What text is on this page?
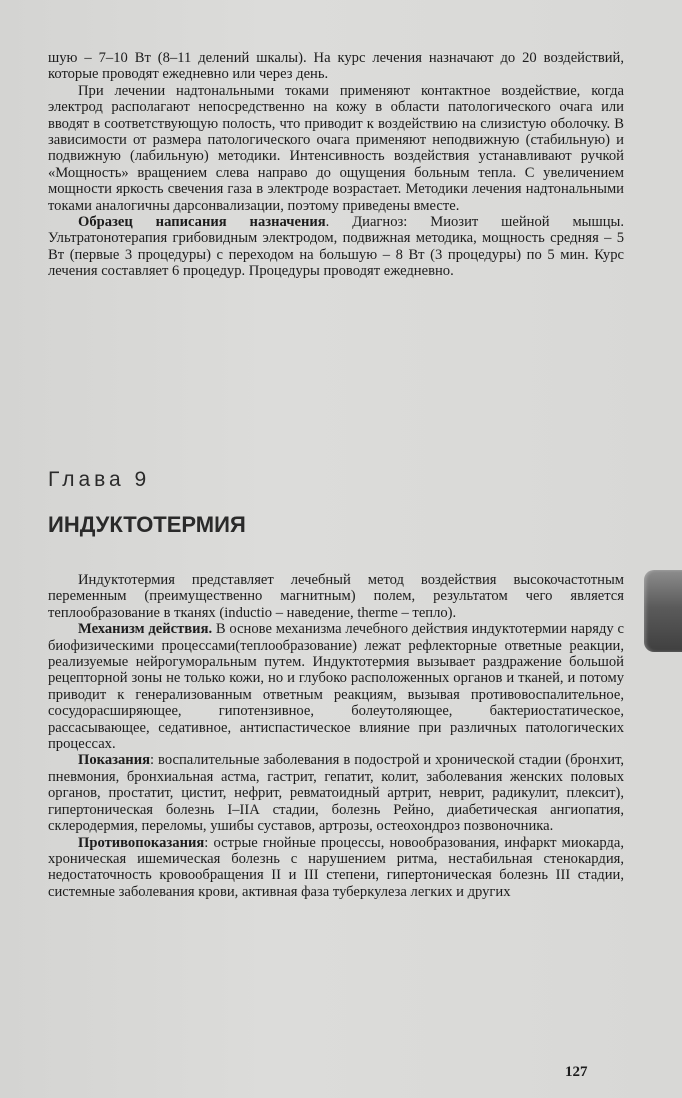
шую – 7–10 Вт (8–11 делений шкалы). На курс лечения назначают до 20 воздействий, которые проводят ежедневно или через день.

При лечении надтональными токами применяют контактное воздействие, когда электрод располагают непосредственно на кожу в области патологического очага или вводят в соответствующую полость, что приводит к воздействию на слизистую оболочку. В зависимости от размера патологического очага применяют неподвижную (стабильную) и подвижную (лабильную) методики. Интенсивность воздействия устанавливают ручкой «Мощность» вращением слева направо до ощущения больным тепла. С увеличением мощности яркость свечения газа в электроде возрастает. Методики лечения надтональными токами аналогичны дарсонвализации, поэтому приведены вместе.

Образец написания назначения. Диагноз: Миозит шейной мышцы. Ультратонотерапия грибовидным электродом, подвижная методика, мощность средняя – 5 Вт (первые 3 процедуры) с переходом на большую – 8 Вт (3 процедуры) по 5 мин. Курс лечения составляет 6 процедур. Процедуры проводят ежедневно.

Глава 9
ИНДУКТОТЕРМИЯ

Индуктотермия представляет лечебный метод воздействия высокочастотным переменным (преимущественно магнитным) полем, результатом чего является теплообразование в тканях (inductio – наведение, therme – тепло).

Механизм действия. В основе механизма лечебного действия индуктотермии наряду с биофизическими процессами(теплообразование) лежат рефлекторные ответные реакции, реализуемые нейрогуморальным путем. Индуктотермия вызывает раздражение большой рецепторной зоны не только кожи, но и глубоко расположенных органов и тканей, и потому приводит к генерализованным ответным реакциям, вызывая противовоспалительное, сосудорасширяющее, гипотензивное, болеутоляющее, бактериостатическое, рассасывающее, седативное, антиспастическое влияние при различных патологических процессах.

Показания: воспалительные заболевания в подострой и хронической стадии (бронхит, пневмония, бронхиальная астма, гастрит, гепатит, колит, заболевания женских половых органов, простатит, цистит, нефрит, ревматоидный артрит, неврит, радикулит, плексит), гипертоническая болезнь I–IIА стадии, болезнь Рейно, диабетическая ангиопатия, склеродермия, переломы, ушибы суставов, артрозы, остеохондроз позвоночника.

Противопоказания: острые гнойные процессы, новообразования, инфаркт миокарда, хроническая ишемическая болезнь с нарушением ритма, нестабильная стенокардия, недостаточность кровообращения II и III степени, гипертоническая болезнь III стадии, системные заболевания крови, активная фаза туберкулеза легких и других

127
